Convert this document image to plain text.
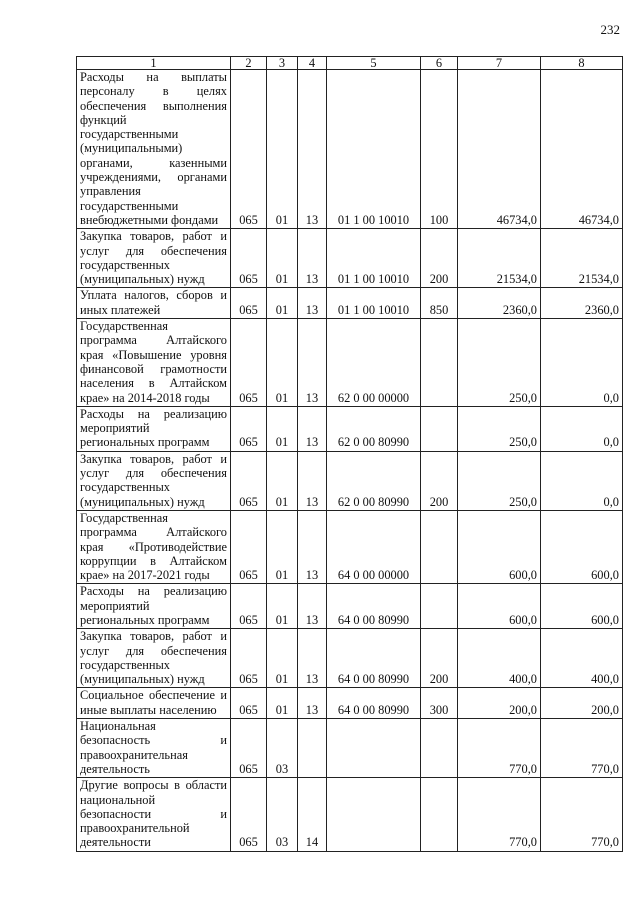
232
1	2	3	4	5	6	7	8
Расходы на выплаты персоналу в целях обеспечения выполнения функций государственными (муниципальными) органами, казенными учреждениями, органами управления государственными внебюджетными фондами	065	01	13	01 1 00 10010	100	46734,0	46734,0
Закупка товаров, работ и услуг для обеспечения государственных (муниципальных) нужд	065	01	13	01 1 00 10010	200	21534,0	21534,0
Уплата налогов, сборов и иных платежей	065	01	13	01 1 00 10010	850	2360,0	2360,0
Государственная программа Алтайского края «Повышение уровня финансовой грамотности населения в Алтайском крае» на 2014-2018 годы	065	01	13	62 0 00 00000		250,0	0,0
Расходы на реализацию мероприятий региональных программ	065	01	13	62 0 00 80990		250,0	0,0
Закупка товаров, работ и услуг для обеспечения государственных (муниципальных) нужд	065	01	13	62 0 00 80990	200	250,0	0,0
Государственная программа Алтайского края «Противодействие коррупции в Алтайском крае» на 2017-2021 годы	065	01	13	64 0 00 00000		600,0	600,0
Расходы на реализацию мероприятий региональных программ	065	01	13	64 0 00 80990		600,0	600,0
Закупка товаров, работ и услуг для обеспечения государственных (муниципальных) нужд	065	01	13	64 0 00 80990	200	400,0	400,0
Социальное обеспечение и иные выплаты населению	065	01	13	64 0 00 80990	300	200,0	200,0
Национальная безопасность и правоохранительная деятельность	065	03				770,0	770,0
Другие вопросы в области национальной безопасности и правоохранительной деятельности	065	03	14			770,0	770,0
